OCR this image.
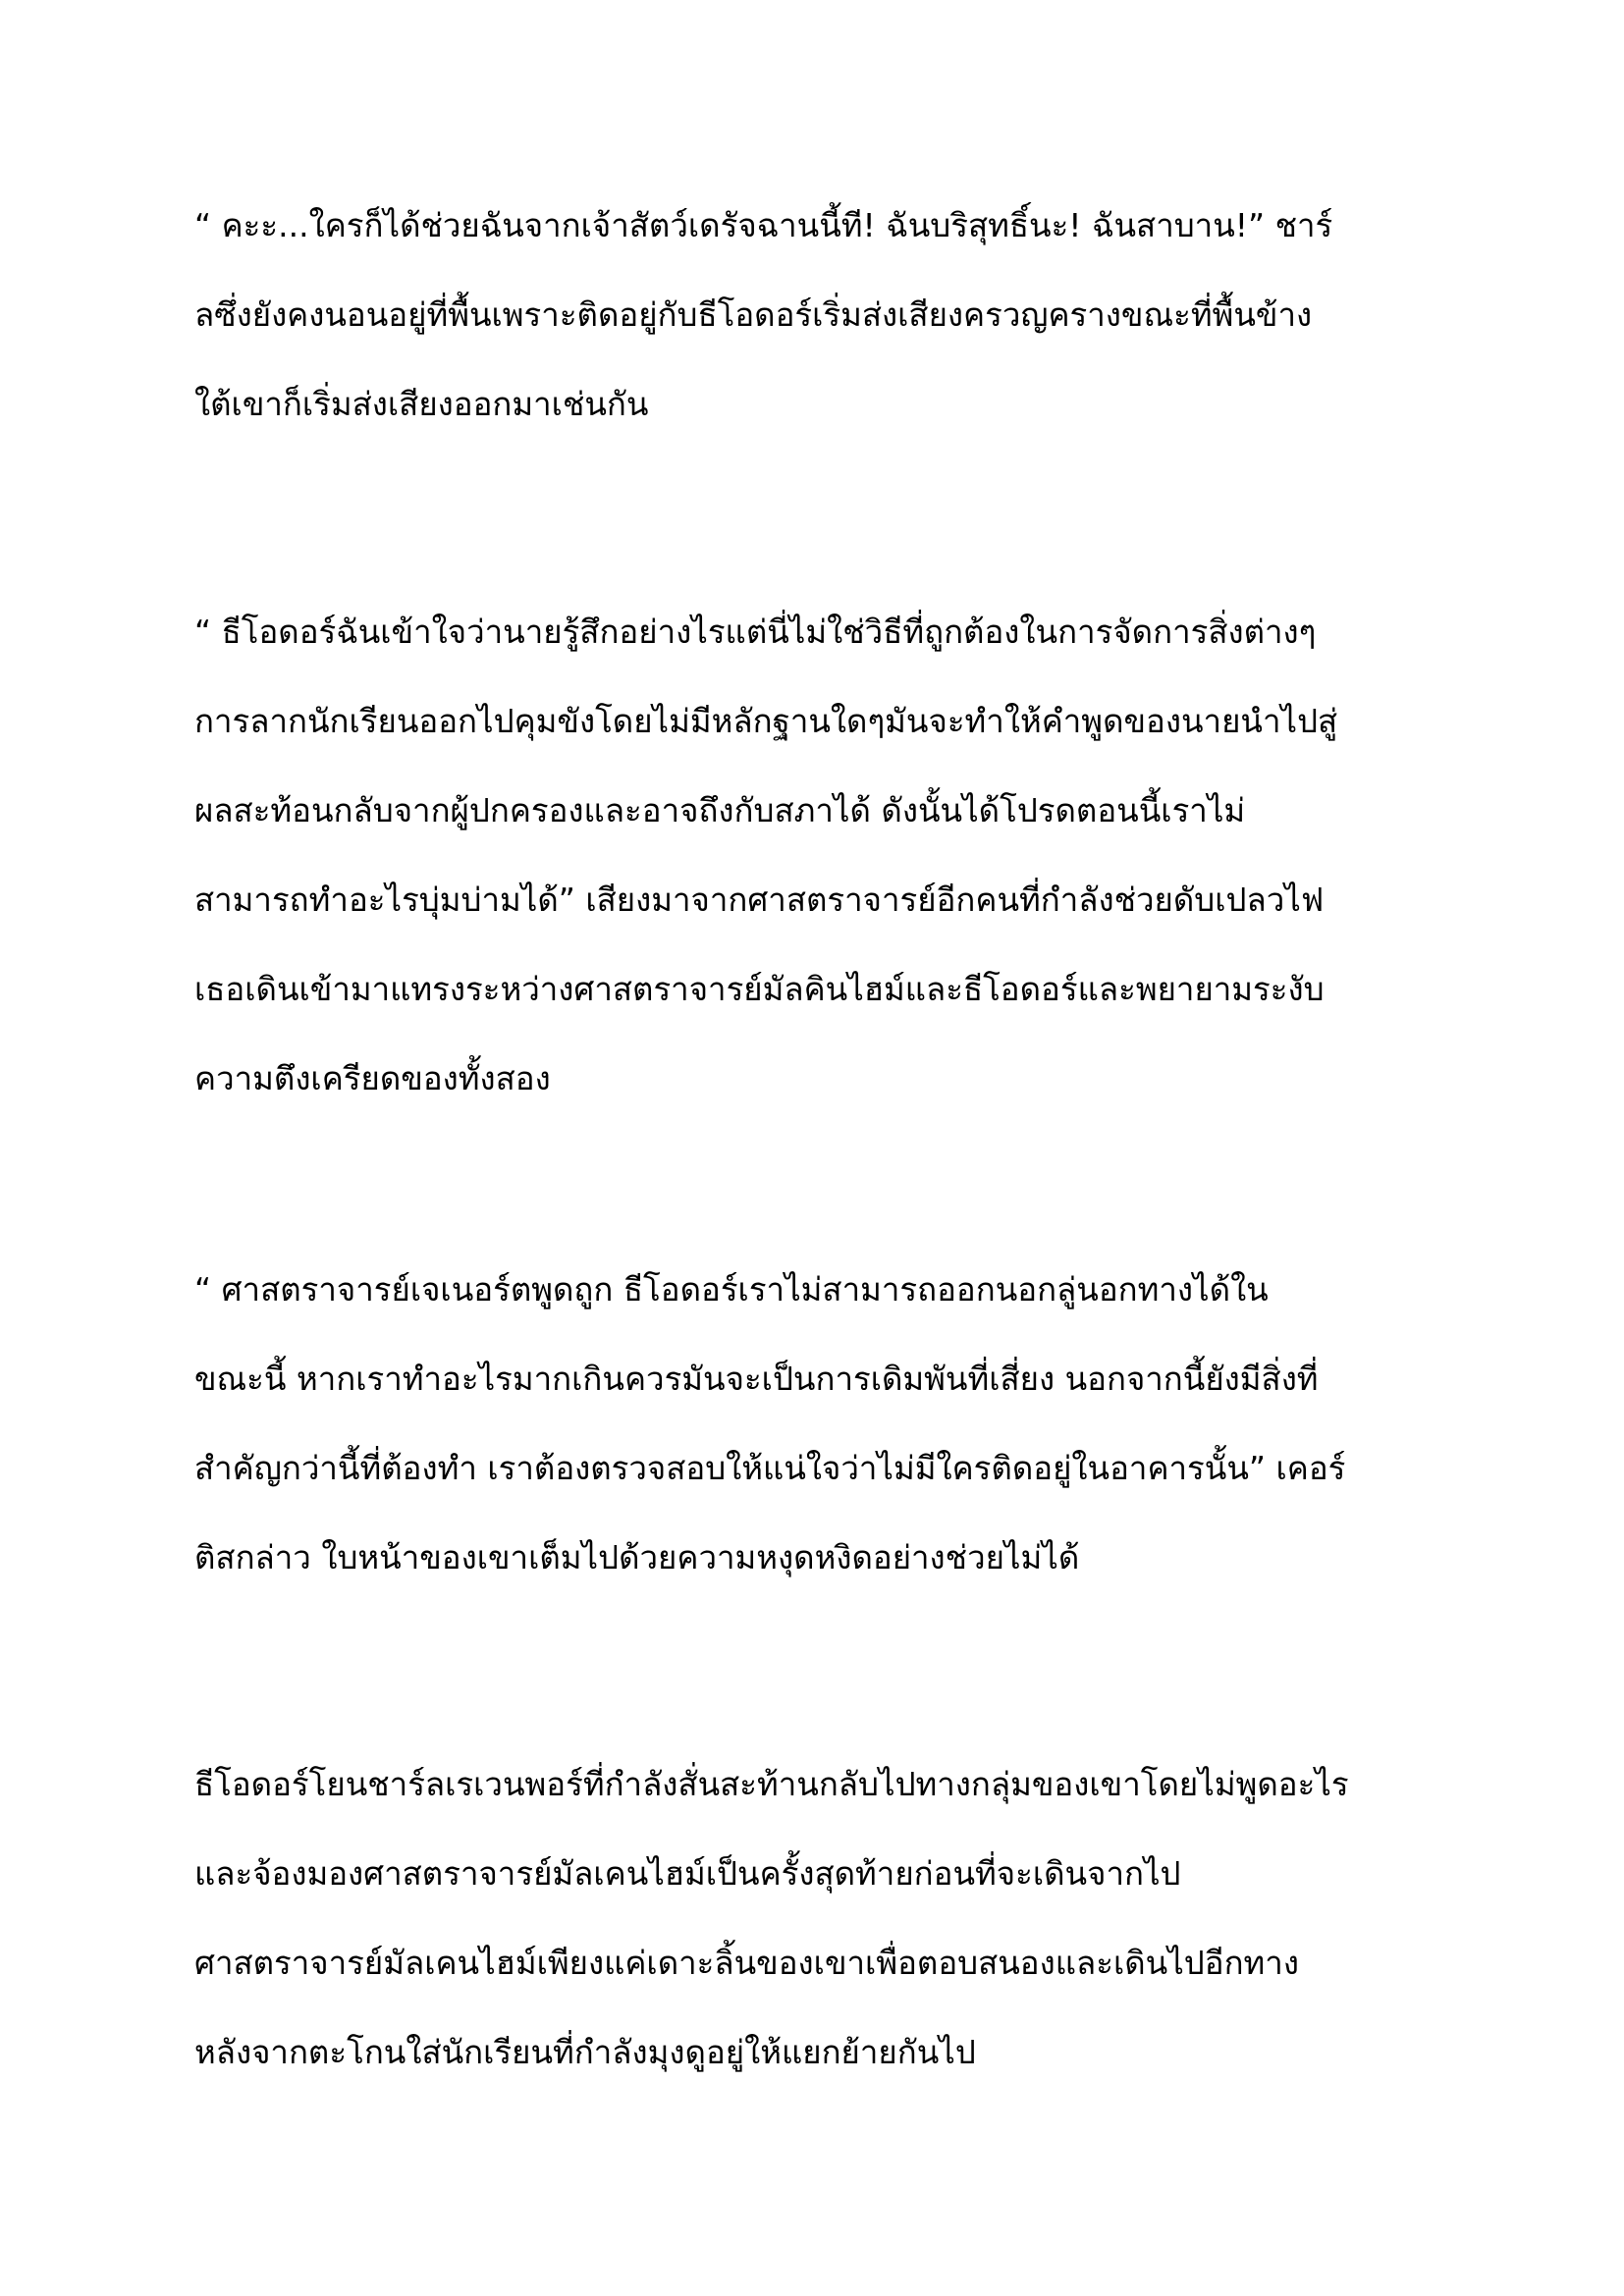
“ คะะ...ใครก็ได้ช่วยฉันจากเจ้าสัตว์เดรัจฉานนี้ที! ฉันบริสุทธิ์นะ! ฉันสาบาน!” ชาร์
ลซึ่งยังคงนอนอยู่ที่พื้นเพราะติดอยู่กับธีโอดอร์เริ่มส่งเสียงครวญครางขณะที่พื้นข้าง
ใต้เขาก็เริ่มส่งเสียงออกมาเช่นกัน
“ ธีโอดอร์ฉันเข้าใจว่านายรู้สึกอย่างไรแต่นี่ไม่ใช่วิธีที่ถูกต้องในการจัดการสิ่งต่างๆ
การลากนักเรียนออกไปคุมขังโดยไม่มีหลักฐานใดๆมันจะทำให้คำพูดของนายนำไปสู่
ผลสะท้อนกลับจากผู้ปกครองและอาจถึงกับสภาได้ ดังนั้นได้โปรดตอนนี้เราไม่
สามารถทำอะไรบุ่มบ่ามได้” เสียงมาจากศาสตราจารย์อีกคนที่กำลังช่วยดับเปลวไฟ
เธอเดินเข้ามาแทรงระหว่างศาสตราจารย์มัลคินไฮม์และธีโอดอร์และพยายามระงับ
ความตึงเครียดของทั้งสอง
“ ศาสตราจารย์เจเนอร์ตพูดถูก ธีโอดอร์เราไม่สามารถออกนอกลู่นอกทางได้ใน
ขณะนี้ หากเราทำอะไรมากเกินควรมันจะเป็นการเดิมพันที่เสี่ยง นอกจากนี้ยังมีสิ่งที่
สำคัญกว่านี้ที่ต้องทำ เราต้องตรวจสอบให้แน่ใจว่าไม่มีใครติดอยู่ในอาคารนั้น” เคอร์
ติสกล่าว ใบหน้าของเขาเต็มไปด้วยความหงุดหงิดอย่างช่วยไม่ได้
ธีโอดอร์โยนชาร์ลเรเวนพอร์ที่กำลังสั่นสะท้านกลับไปทางกลุ่มของเขาโดยไม่พูดอะไร
และจ้องมองศาสตราจารย์มัลเคนไฮม์เป็นครั้งสุดท้ายก่อนที่จะเดินจากไป
ศาสตราจารย์มัลเคนไฮม์เพียงแค่เดาะลิ้นของเขาเพื่อตอบสนองและเดินไปอีกทาง
หลังจากตะโกนใส่นักเรียนที่กำลังมุงดูอยู่ให้แยกย้ายกันไป
